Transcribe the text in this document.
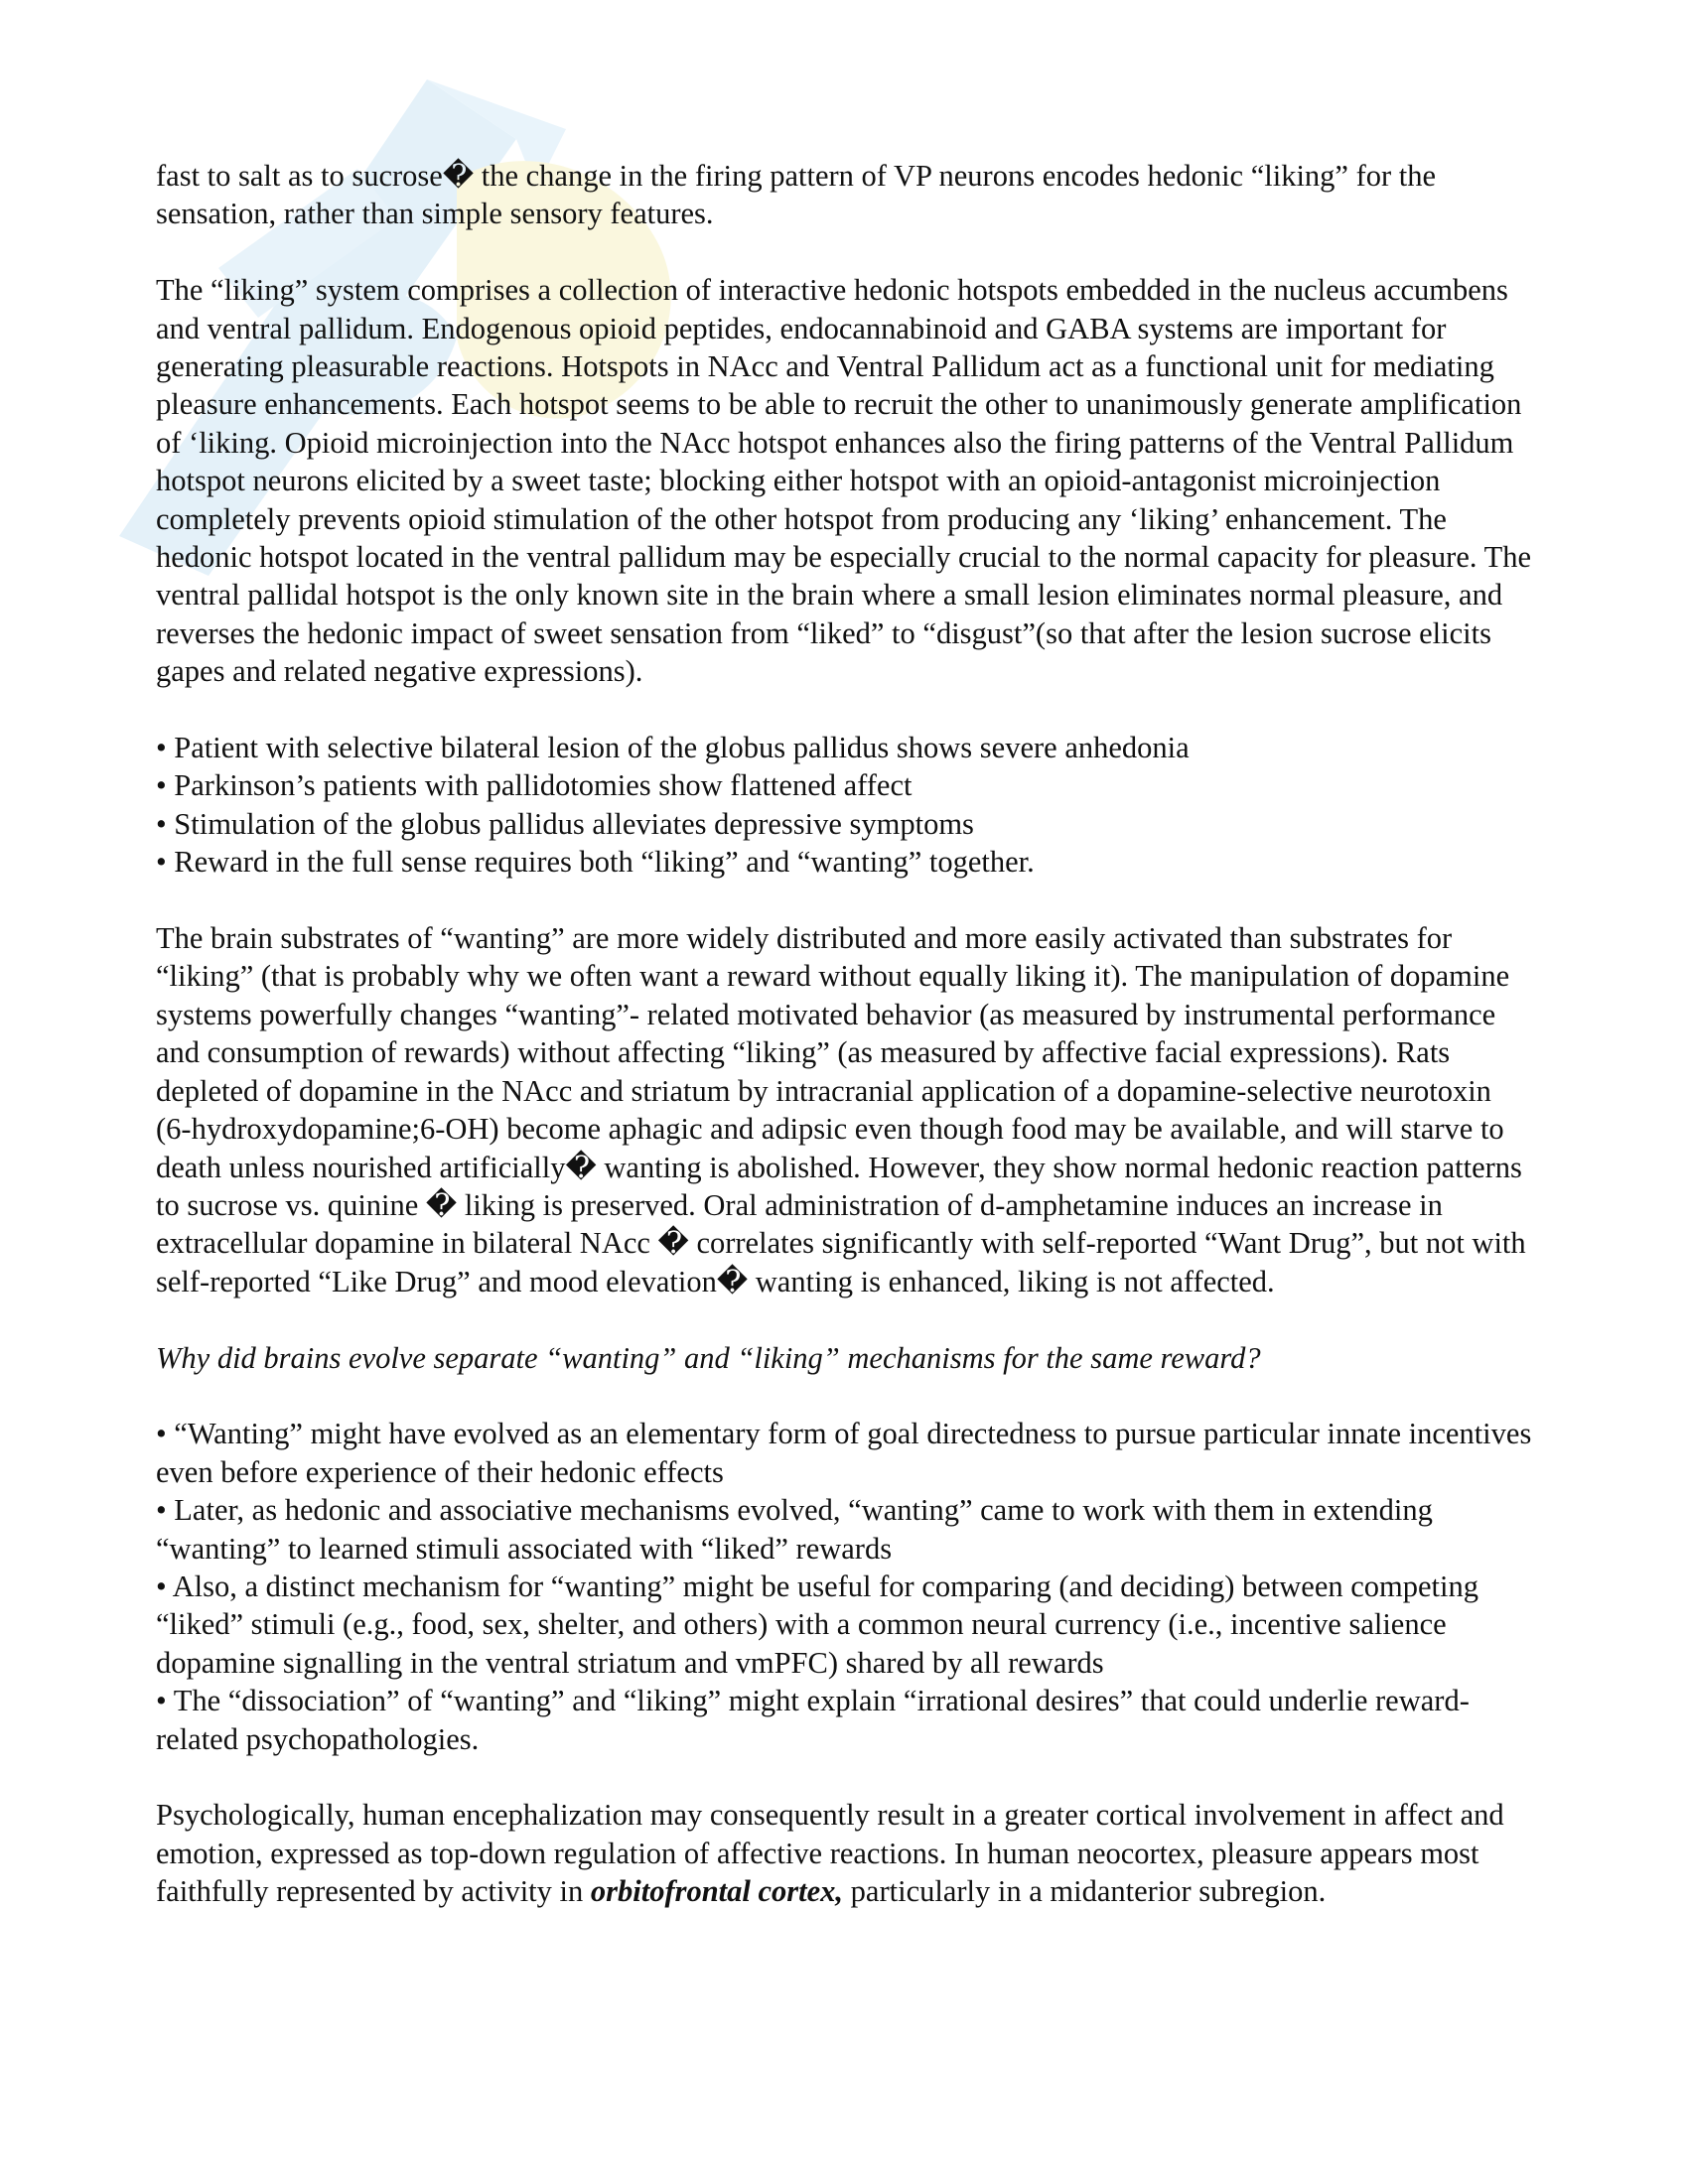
fast to salt as to sucrose� the change in the firing pattern of VP neurons encodes hedonic “liking” for the sensation, rather than simple sensory features.

The “liking” system comprises a collection of interactive hedonic hotspots embedded in the nucleus accumbens and ventral pallidum. Endogenous opioid peptides, endocannabinoid and GABA systems are important for generating pleasurable reactions. Hotspots in NAcc and Ventral Pallidum act as a functional unit for mediating pleasure enhancements. Each hotspot seems to be able to recruit the other to unanimously generate amplification of ‘liking. Opioid microinjection into the NAcc hotspot enhances also the firing patterns of the Ventral Pallidum hotspot neurons elicited by a sweet taste; blocking either hotspot with an opioid-antagonist microinjection completely prevents opioid stimulation of the other hotspot from producing any ‘liking’ enhancement. The hedonic hotspot located in the ventral pallidum may be especially crucial to the normal capacity for pleasure. The ventral pallidal hotspot is the only known site in the brain where a small lesion eliminates normal pleasure, and reverses the hedonic impact of sweet sensation from “liked” to “disgust”(so that after the lesion sucrose elicits gapes and related negative expressions).

• Patient with selective bilateral lesion of the globus pallidus shows severe anhedonia
• Parkinson’s patients with pallidotomies show flattened affect
• Stimulation of the globus pallidus alleviates depressive symptoms
• Reward in the full sense requires both “liking” and “wanting” together.

The brain substrates of “wanting” are more widely distributed and more easily activated than substrates for “liking” (that is probably why we often want a reward without equally liking it). The manipulation of dopamine systems powerfully changes “wanting”- related motivated behavior (as measured by instrumental performance and consumption of rewards) without affecting “liking” (as measured by affective facial expressions). Rats depleted of dopamine in the NAcc and striatum by intracranial application of a dopamine-selective neurotoxin (6-hydroxydopamine;6-OH) become aphagic and adipsic even though food may be available, and will starve to death unless nourished artificially� wanting is abolished. However, they show normal hedonic reaction patterns to sucrose vs. quinine � liking is preserved. Oral administration of d-amphetamine induces an increase in extracellular dopamine in bilateral NAcc � correlates significantly with self-reported “Want Drug”, but not with self-reported “Like Drug” and mood elevation� wanting is enhanced, liking is not affected.

Why did brains evolve separate “wanting” and “liking” mechanisms for the same reward?

• “Wanting” might have evolved as an elementary form of goal directedness to pursue particular innate incentives even before experience of their hedonic effects
• Later, as hedonic and associative mechanisms evolved, “wanting” came to work with them in extending “wanting” to learned stimuli associated with “liked” rewards
• Also, a distinct mechanism for “wanting” might be useful for comparing (and deciding) between competing “liked” stimuli (e.g., food, sex, shelter, and others) with a common neural currency (i.e., incentive salience dopamine signalling in the ventral striatum and vmPFC) shared by all rewards
• The “dissociation” of “wanting” and “liking” might explain “irrational desires” that could underlie reward-related psychopathologies.

Psychologically, human encephalization may consequently result in a greater cortical involvement in affect and emotion, expressed as top-down regulation of affective reactions. In human neocortex, pleasure appears most faithfully represented by activity in orbitofrontal cortex, particularly in a midanterior subregion.
